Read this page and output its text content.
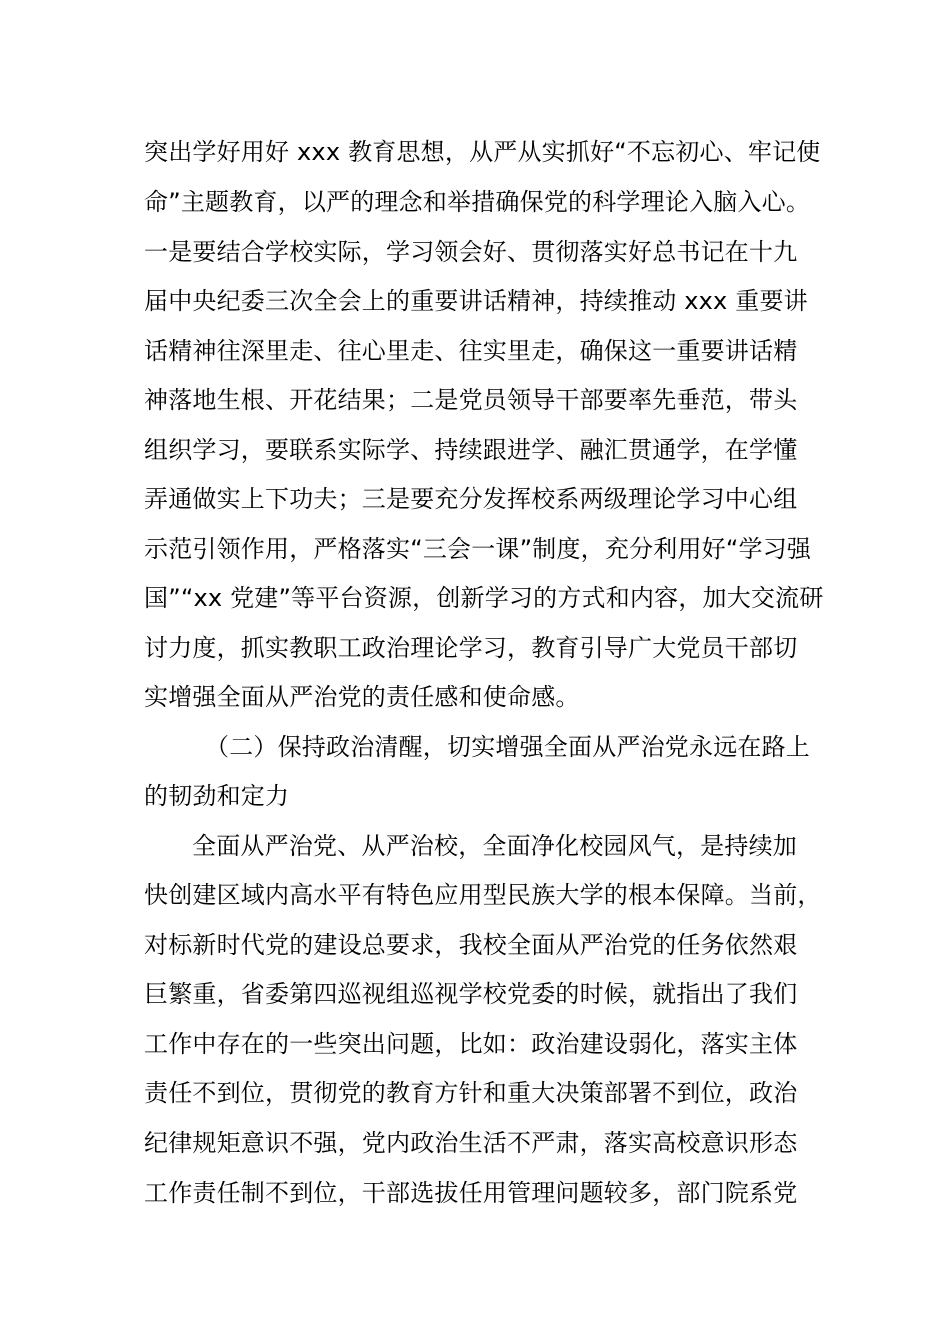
突出学好用好 xxx 教育思想，从严从实抓好“不忘初心、牢记使
命”主题教育，以严的理念和举措确保党的科学理论入脑入心。
一是要结合学校实际，学习领会好、贯彻落实好总书记在十九
届中央纪委三次全会上的重要讲话精神，持续推动 xxx 重要讲
话精神往深里走、往心里走、往实里走，确保这一重要讲话精
神落地生根、开花结果；二是党员领导干部要率先垂范，带头
组织学习，要联系实际学、持续跟进学、融汇贯通学，在学懂
弄通做实上下功夫；三是要充分发挥校系两级理论学习中心组
示范引领作用，严格落实“三会一课”制度，充分利用好“学习强
国”“xx 党建”等平台资源，创新学习的方式和内容，加大交流研
讨力度，抓实教职工政治理论学习，教育引导广大党员干部切
实增强全面从严治党的责任感和使命感。
（二）保持政治清醒，切实增强全面从严治党永远在路上
的韧劲和定力
全面从严治党、从严治校，全面净化校园风气，是持续加
快创建区域内高水平有特色应用型民族大学的根本保障。当前，
对标新时代党的建设总要求，我校全面从严治党的任务依然艰
巨繁重，省委第四巡视组巡视学校党委的时候，就指出了我们
工作中存在的一些突出问题，比如：政治建设弱化，落实主体
责任不到位，贯彻党的教育方针和重大决策部署不到位，政治
纪律规矩意识不强，党内政治生活不严肃，落实高校意识形态
工作责任制不到位，干部选拔任用管理问题较多，部门院系党
